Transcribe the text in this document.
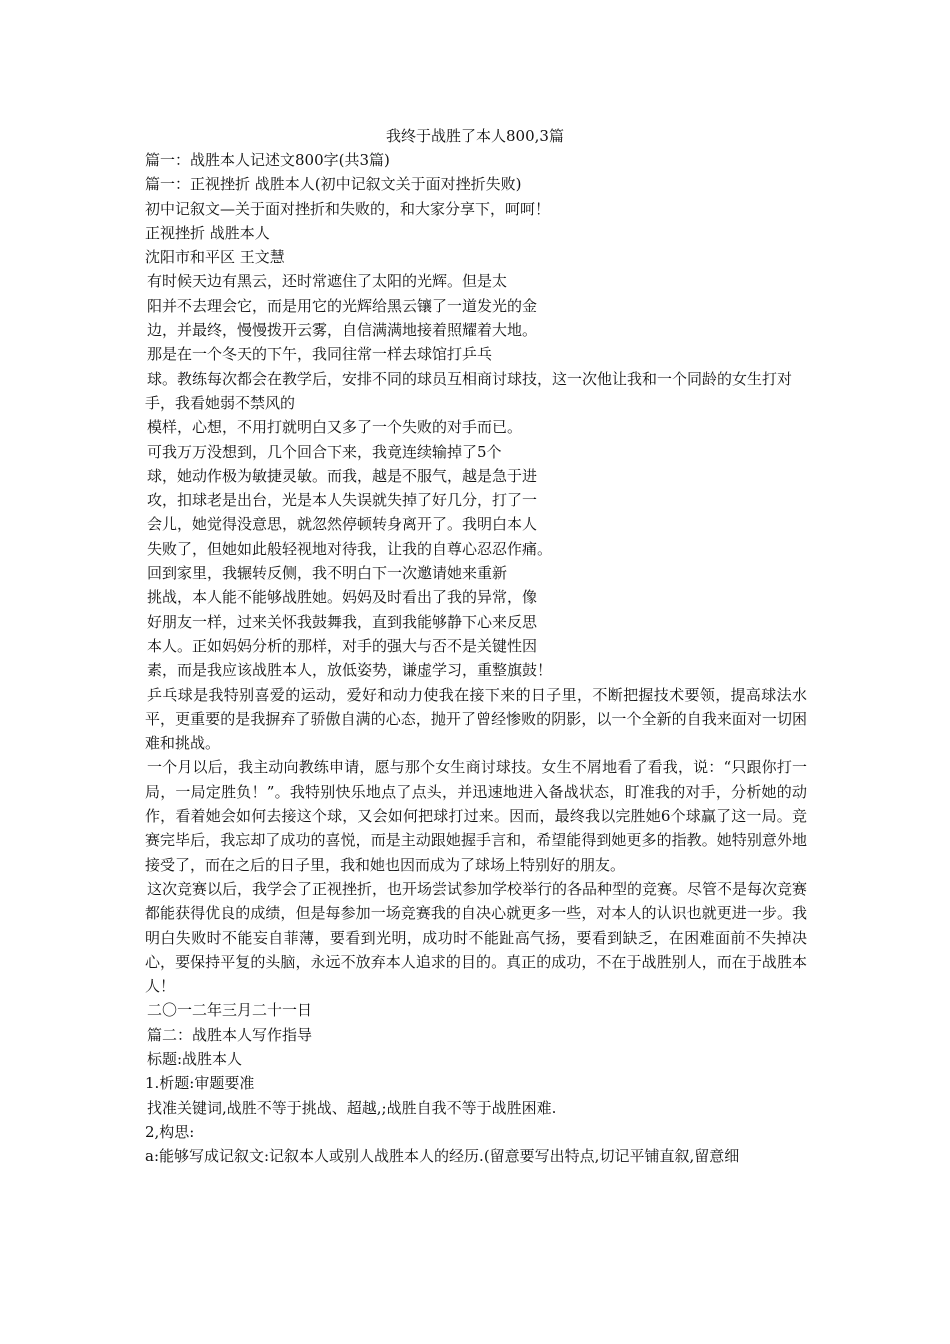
我终于战胜了本人800,3篇

篇一：战胜本人记述文800字(共3篇)

篇一：正视挫折 战胜本人(初中记叙文关于面对挫折失败)

初中记叙文—关于面对挫折和失败的，和大家分享下，呵呵！

正视挫折 战胜本人

沈阳市和平区 王文慧

有时候天边有黑云，还时常遮住了太阳的光辉。但是太

阳并不去理会它，而是用它的光辉给黑云镶了一道发光的金

边，并最终，慢慢拨开云雾，自信满满地接着照耀着大地。

那是在一个冬天的下午，我同往常一样去球馆打乒乓

球。教练每次都会在教学后，安排不同的球员互相商讨球技，这一次他让我和一个同龄的女生打对手，我看她弱不禁风的

模样，心想，不用打就明白又多了一个失败的对手而已。

可我万万没想到，几个回合下来，我竟连续输掉了5个

球，她动作极为敏捷灵敏。而我，越是不服气，越是急于进

攻，扣球老是出台，光是本人失误就失掉了好几分，打了一

会儿，她觉得没意思，就忽然停顿转身离开了。我明白本人

失败了，但她如此般轻视地对待我，让我的自尊心忍忍作痛。

回到家里，我辗转反侧，我不明白下一次邀请她来重新

挑战，本人能不能够战胜她。妈妈及时看出了我的异常，像

好朋友一样，过来关怀我鼓舞我，直到我能够静下心来反思

本人。正如妈妈分析的那样，对手的强大与否不是关键性因

素，而是我应该战胜本人，放低姿势，谦虚学习，重整旗鼓！

乒乓球是我特别喜爱的运动，爱好和动力使我在接下来的日子里，不断把握技术要领，提高球法水平，更重要的是我摒弃了骄傲自满的心态，抛开了曾经惨败的阴影，以一个全新的自我来面对一切困难和挑战。

一个月以后，我主动向教练申请，愿与那个女生商讨球技。女生不屑地看了看我，说：“只跟你打一局，一局定胜负！”。我特别快乐地点了点头，并迅速地进入备战状态，盯准我的对手，分析她的动作，看着她会如何去接这个球，又会如何把球打过来。因而，最终我以完胜她6个球赢了这一局。竞赛完毕后，我忘却了成功的喜悦，而是主动跟她握手言和，希望能得到她更多的指教。她特别意外地接受了，而在之后的日子里，我和她也因而成为了球场上特别好的朋友。

这次竞赛以后，我学会了正视挫折，也开场尝试参加学校举行的各品种型的竞赛。尽管不是每次竞赛都能获得优良的成绩，但是每参加一场竞赛我的自决心就更多一些，对本人的认识也就更进一步。我明白失败时不能妄自菲薄，要看到光明，成功时不能趾高气扬，要看到缺乏，在困难面前不失掉决心，要保持平复的头脑，永远不放弃本人追求的目的。真正的成功，不在于战胜别人，而在于战胜本人！

二〇一二年三月二十一日

篇二：战胜本人写作指导

标题:战胜本人

1.析题:审题要准

找准关键词,战胜不等于挑战、超越,;战胜自我不等于战胜困难.

2,构思:

a:能够写成记叙文:记叙本人或别人战胜本人的经历.(留意要写出特点,切记平铺直叙,留意细
